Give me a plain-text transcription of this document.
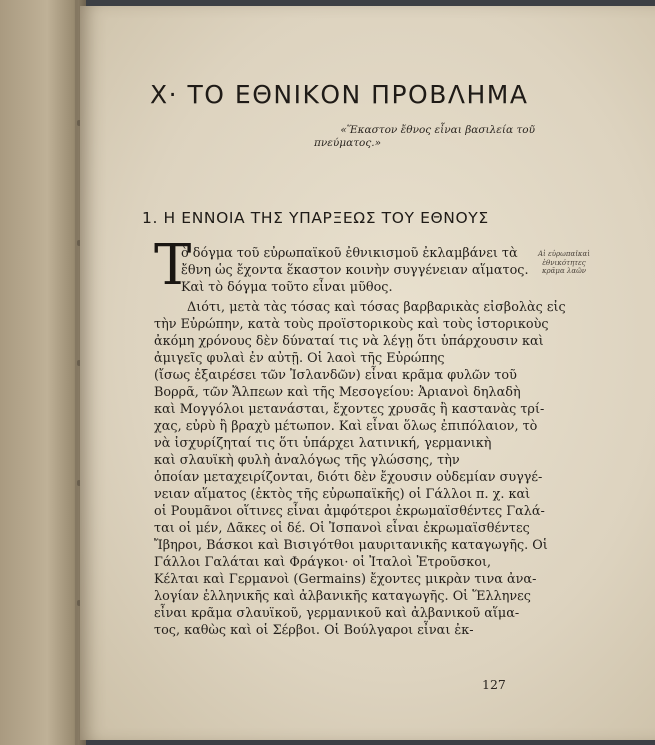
Χ· ΤΟ ΕΘΝΙΚΟΝ ΠΡΟΒΛΗΜΑ
«Ἕκαστον ἔθνος εἶναι βασιλεία τοῦ
πνεύματος.»
1. Η ΕΝΝΟΙΑ ΤΗΣ ΥΠΑΡΞΕΩΣ ΤΟΥ ΕΘΝΟΥΣ
Τ	Αἱ εὐρωπαϊκαὶ
ἐθνικότητες
κρᾶμα λαῶν
ὸ δόγμα τοῦ εὐρωπαϊκοῦ ἐθνικισμοῦ ἐκλαμβάνει τὰ
ἔθνη ὡς ἔχοντα ἕκαστον κοινὴν συγγένειαν αἵματος.
Καὶ τὸ δόγμα τοῦτο εἶναι μῦθος.
Διότι, μετὰ τὰς τόσας καὶ τόσας βαρβαρικὰς εἰσβολὰς εἰς
τὴν Εὐρώπην, κατὰ τοὺς προϊστορικοὺς καὶ τοὺς ἱστορικοὺς
ἀκόμη χρόνους δὲν δύναταί τις νὰ λέγῃ ὅτι ὑπάρχουσιν καὶ
ἀμιγεῖς φυλαὶ ἐν αὐτῇ. Οἱ λαοὶ τῆς Εὐρώπης
(ἴσως ἐξαιρέσει τῶν Ἰσλανδῶν) εἶναι κρᾶμα φυλῶν τοῦ
Βορρᾶ, τῶν Ἄλπεων καὶ τῆς Μεσογείου: Ἀριανοὶ δηλαδὴ
καὶ Μογγόλοι μετανάσται, ἔχοντες χρυσᾶς ἢ καστανὰς τρί-
χας, εὐρὺ ἢ βραχὺ μέτωπον. Καὶ εἶναι ὅλως ἐπιπόλαιον, τὸ
νὰ ἰσχυρίζηταί τις ὅτι ὑπάρχει λατινική, γερμανικὴ
καὶ σλαυϊκὴ φυλὴ ἀναλόγως τῆς γλώσσης, τὴν
ὁποίαν μεταχειρίζονται, διότι δὲν ἔχουσιν οὐδεμίαν συγγέ-
νειαν αἵματος (ἐκτὸς τῆς εὐρωπαϊκῆς) οἱ Γάλλοι π. χ. καὶ
οἱ Ρουμᾶνοι οἵτινες εἶναι ἀμφότεροι ἐκρωμαϊσθέντες Γαλά-
ται οἱ μέν, Δᾶκες οἱ δέ. Οἱ Ἰσπανοὶ εἶναι ἐκρωμαϊσθέντες
Ἴβηροι, Βάσκοι καὶ Βισιγότθοι μαυριτανικῆς καταγωγῆς. Οἱ
Γάλλοι Γαλάται καὶ Φράγκοι· οἱ Ἰταλοὶ Ἐτροῦσκοι,
Κέλται καὶ Γερμανοὶ (Germains) ἔχοντες μικρὰν τινα ἀνα-
λογίαν ἑλληνικῆς καὶ ἀλβανικῆς καταγωγῆς. Οἱ Ἕλληνες
εἶναι κρᾶμα σλαυϊκοῦ, γερμανικοῦ καὶ ἀλβανικοῦ αἵμα-
τος, καθὼς καὶ οἱ Σέρβοι. Οἱ Βούλγαροι εἶναι ἐκ-
127
